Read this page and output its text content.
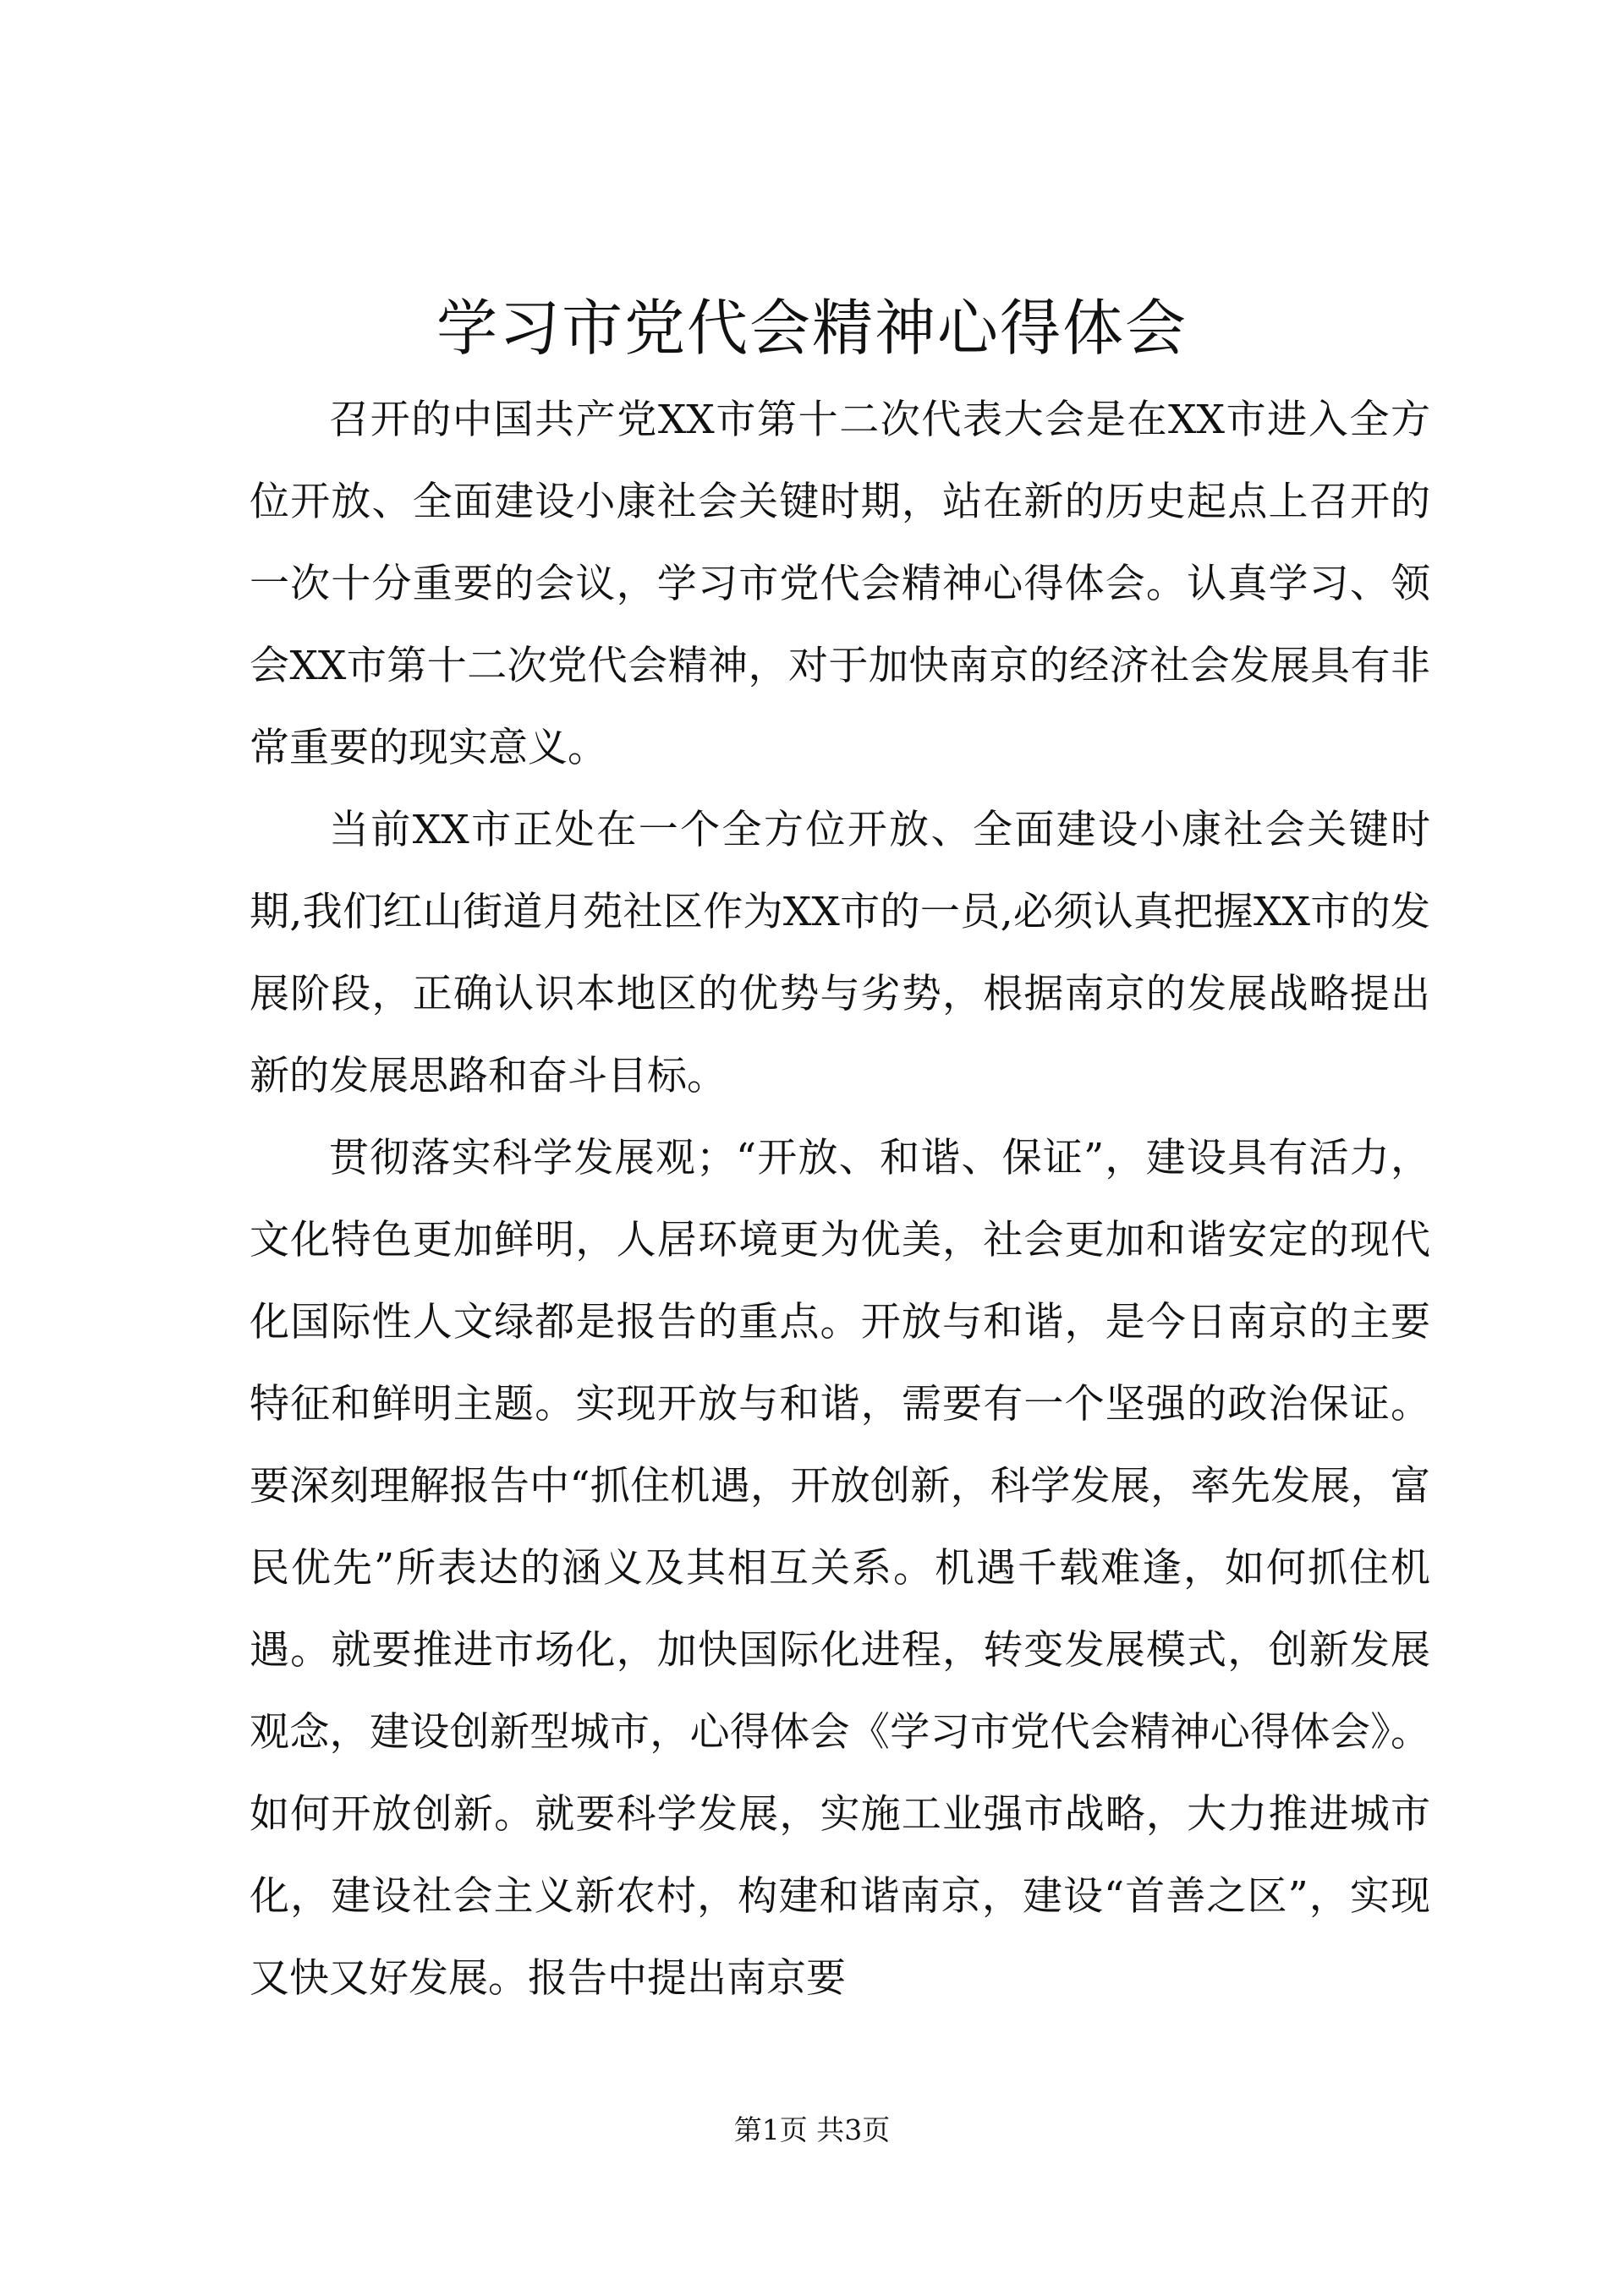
学习市党代会精神心得体会

召开的中国共产党XX市第十二次代表大会是在XX市进入全方位开放、全面建设小康社会关键时期，站在新的历史起点上召开的一次十分重要的会议，学习市党代会精神心得体会。认真学习、领会XX市第十二次党代会精神，对于加快南京的经济社会发展具有非常重要的现实意义。

当前XX市正处在一个全方位开放、全面建设小康社会关键时期,我们红山街道月苑社区作为XX市的一员,必须认真把握XX市的发展阶段，正确认识本地区的优势与劣势，根据南京的发展战略提出新的发展思路和奋斗目标。

贯彻落实科学发展观；“开放、和谐、保证”，建设具有活力，文化特色更加鲜明，人居环境更为优美，社会更加和谐安定的现代化国际性人文绿都是报告的重点。开放与和谐，是今日南京的主要特征和鲜明主题。实现开放与和谐，需要有一个坚强的政治保证。要深刻理解报告中“抓住机遇，开放创新，科学发展，率先发展，富民优先”所表达的涵义及其相互关系。机遇千载难逢，如何抓住机遇。就要推进市场化，加快国际化进程，转变发展模式，创新发展观念，建设创新型城市，心得体会《学习市党代会精神心得体会》。如何开放创新。就要科学发展，实施工业强市战略，大力推进城市化，建设社会主义新农村，构建和谐南京，建设“首善之区”，实现又快又好发展。报告中提出南京要

第1页 共3页
